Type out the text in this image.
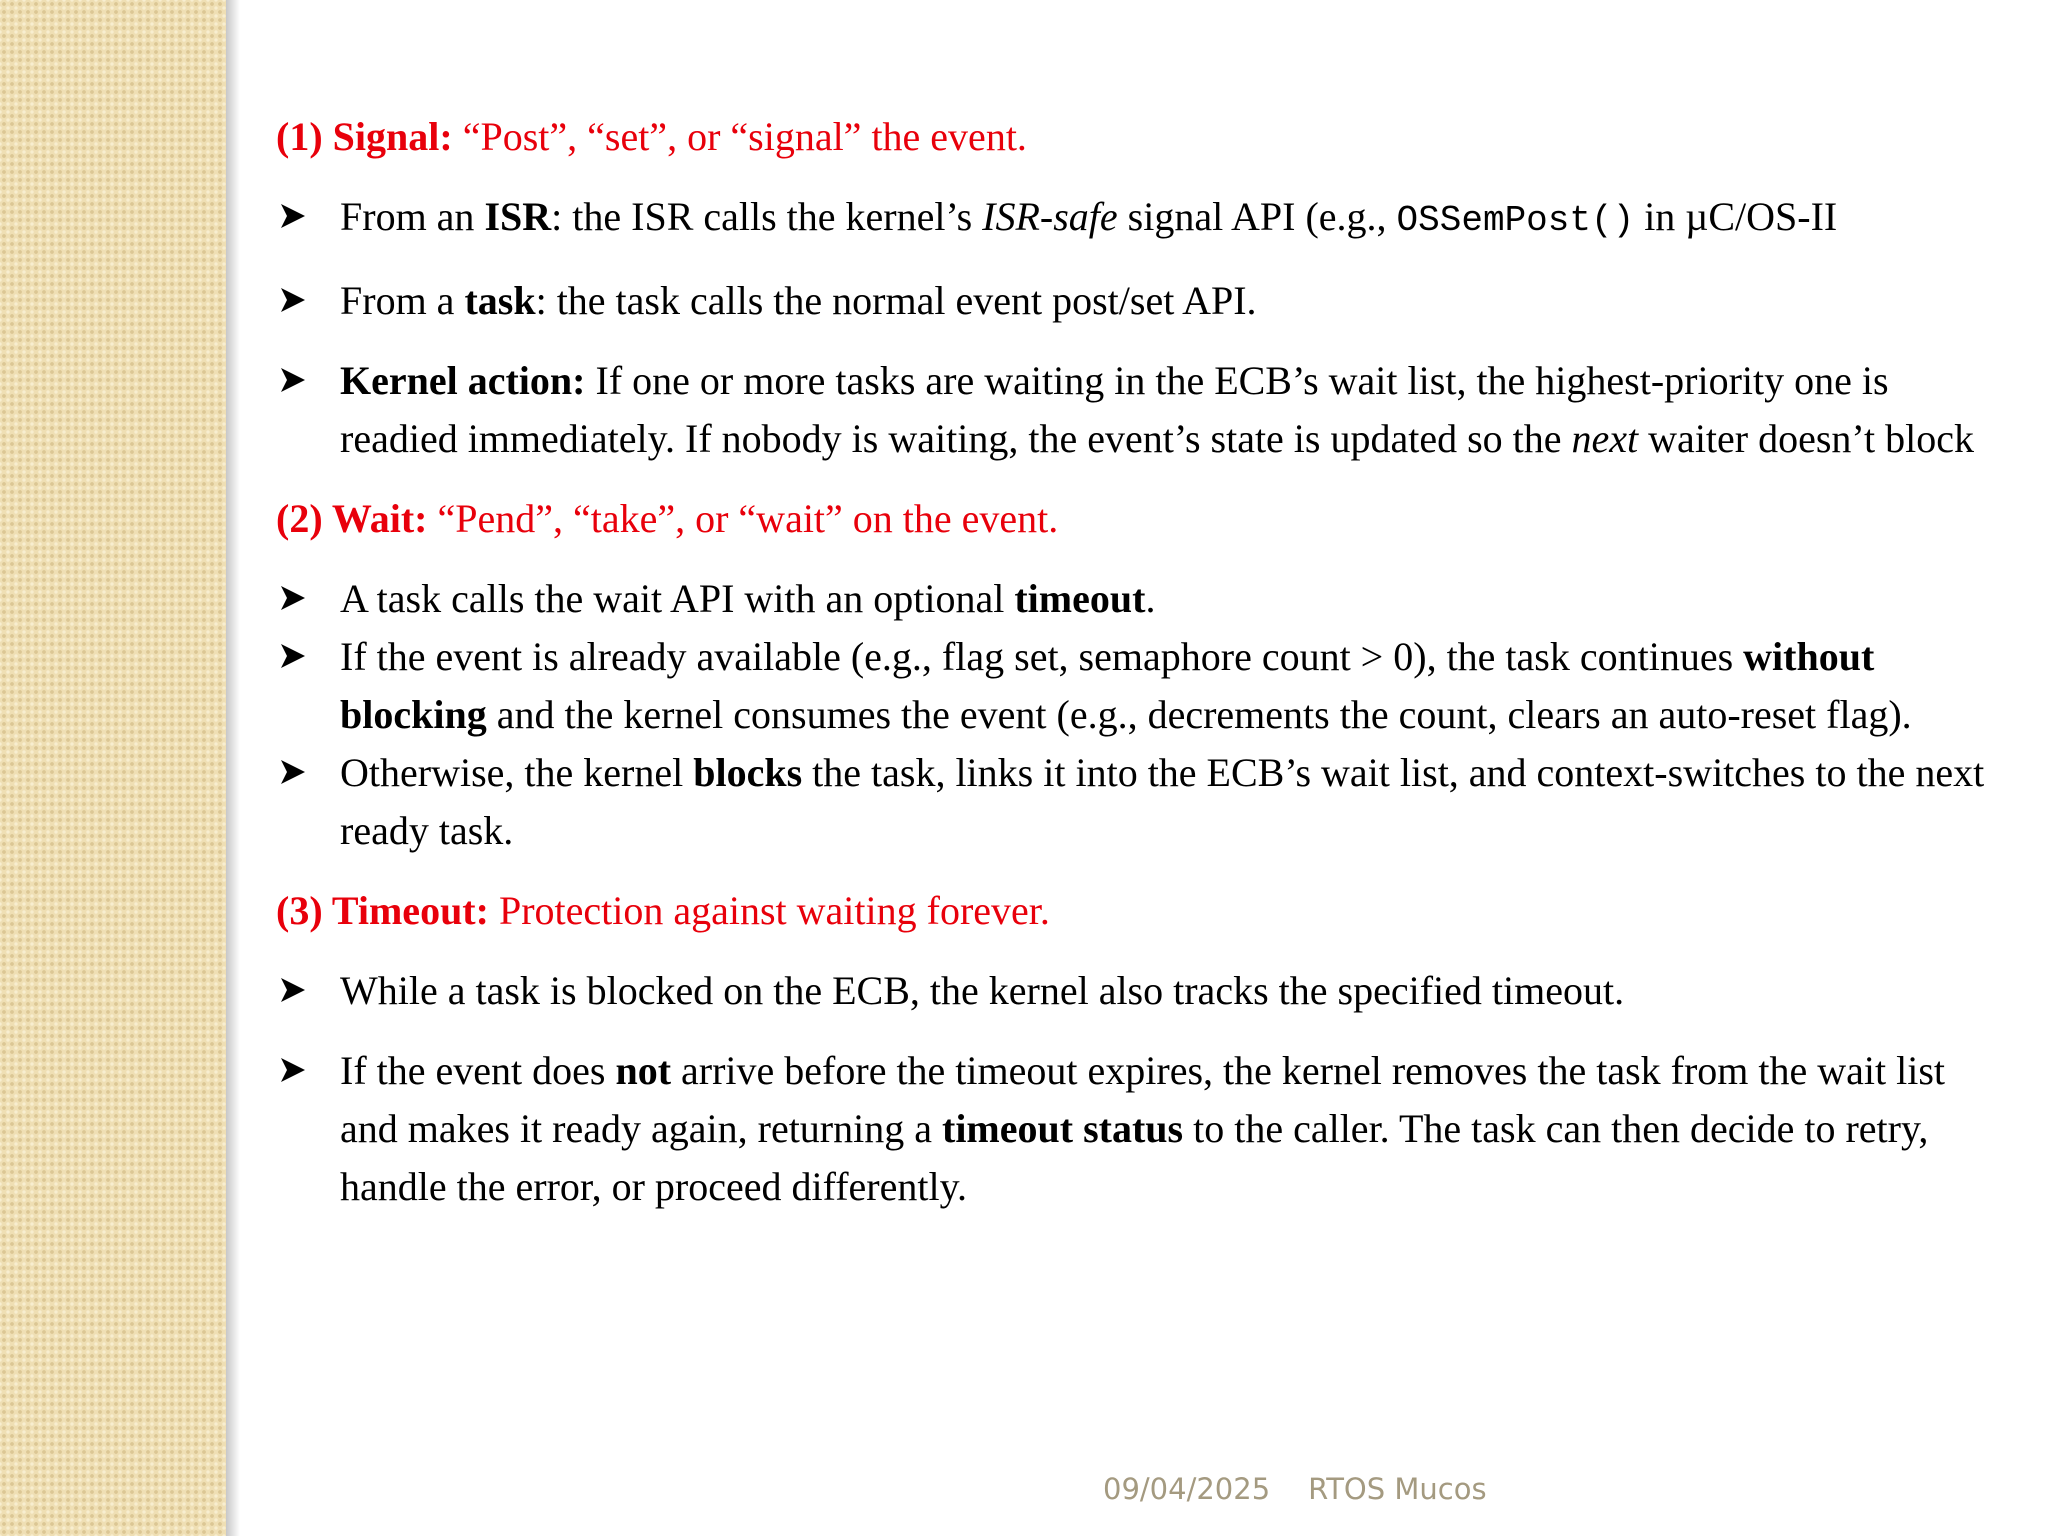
(1) Signal: “Post”, “set”, or “signal” the event.
From an ISR: the ISR calls the kernel’s ISR-safe signal API (e.g., OSSemPost() in µC/OS-II
From a task: the task calls the normal event post/set API.
Kernel action: If one or more tasks are waiting in the ECB’s wait list, the highest-priority one is readied immediately. If nobody is waiting, the event’s state is updated so the next waiter doesn’t block
(2) Wait: “Pend”, “take”, or “wait” on the event.
A task calls the wait API with an optional timeout.
If the event is already available (e.g., flag set, semaphore count > 0), the task continues without blocking and the kernel consumes the event (e.g., decrements the count, clears an auto-reset flag).
Otherwise, the kernel blocks the task, links it into the ECB’s wait list, and context-switches to the next ready task.
(3) Timeout: Protection against waiting forever.
While a task is blocked on the ECB, the kernel also tracks the specified timeout.
If the event does not arrive before the timeout expires, the kernel removes the task from the wait list and makes it ready again, returning a timeout status to the caller. The task can then decide to retry, handle the error, or proceed differently.
09/04/2025 RTOS Mucos
